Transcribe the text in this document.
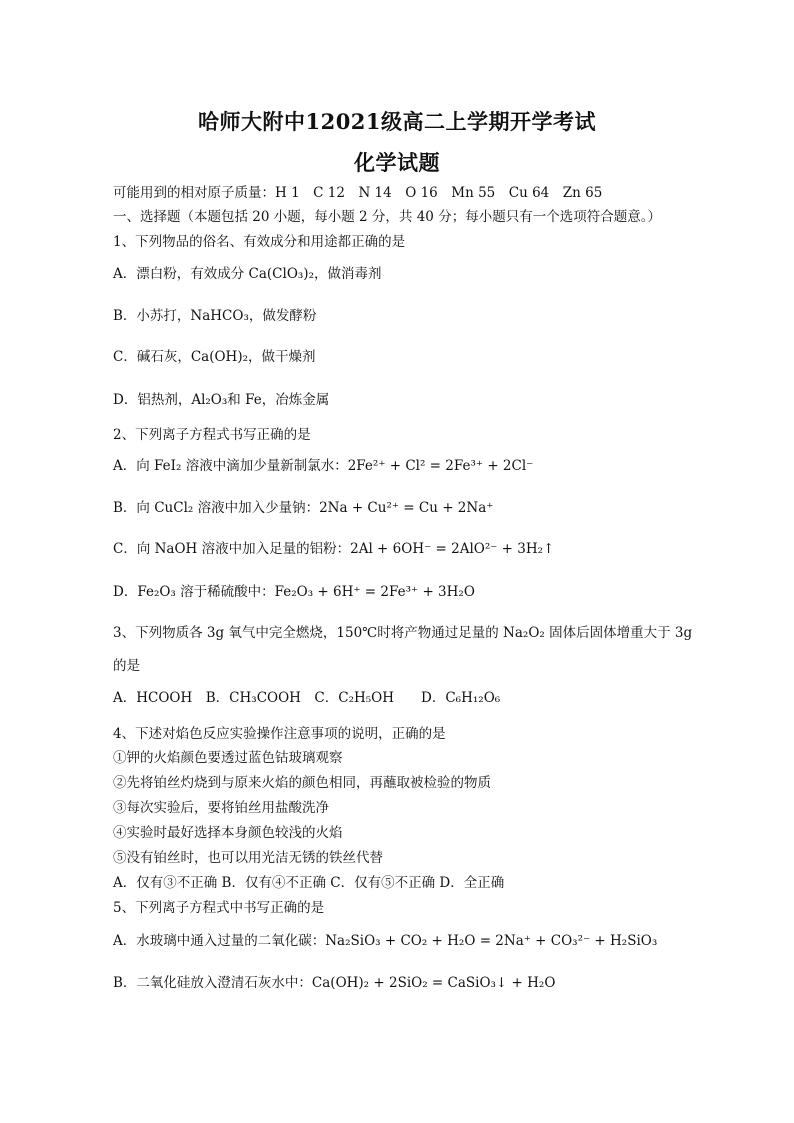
哈师大附中12021级高二上学期开学考试
化学试题
可能用到的相对原子质量：H 1　C 12　N 14　O 16　Mn 55　Cu 64　Zn 65
一、选择题（本题包括 20 小题，每小题 2 分，共 40 分；每小题只有一个选项符合题意。）
1、下列物品的俗名、有效成分和用途都正确的是
A．漂白粉，有效成分 Ca(ClO₃)₂，做消毒剂
B．小苏打，NaHCO₃，做发酵粉
C．碱石灰，Ca(OH)₂，做干燥剂
D．铝热剂，Al₂O₃和 Fe，冶炼金属
2、下列离子方程式书写正确的是
A．向 FeI₂ 溶液中滴加少量新制氯水：2Fe²⁺ + Cl² = 2Fe³⁺ + 2Cl⁻
B．向 CuCl₂ 溶液中加入少量钠：2Na + Cu²⁺ = Cu + 2Na⁺
C．向 NaOH 溶液中加入足量的铝粉：2Al + 6OH⁻ = 2AlO²⁻ + 3H₂↑
D．Fe₂O₃ 溶于稀硫酸中：Fe₂O₃ + 6H⁺ = 2Fe³⁺ + 3H₂O
3、下列物质各 3g 氧气中完全燃烧，150℃时将产物通过足量的 Na₂O₂ 固体后固体增重大于 3g
的是
A．HCOOH　B．CH₃COOH　C．C₂H₅OH　　D．C₆H₁₂O₆
4、下述对焰色反应实验操作注意事项的说明，正确的是
①钾的火焰颜色要透过蓝色钴玻璃观察
②先将铂丝灼烧到与原来火焰的颜色相同，再蘸取被检验的物质
③每次实验后，要将铂丝用盐酸洗净
④实验时最好选择本身颜色较浅的火焰
⑤没有铂丝时，也可以用光洁无锈的铁丝代替
A．仅有③不正确 B．仅有④不正确 C．仅有⑤不正确 D．全正确
5、下列离子方程式中书写正确的是
A．水玻璃中通入过量的二氧化碳：Na₂SiO₃ + CO₂ + H₂O = 2Na⁺ + CO₃²⁻ + H₂SiO₃
B．二氧化硅放入澄清石灰水中：Ca(OH)₂ + 2SiO₂ = CaSiO₃↓ + H₂O
